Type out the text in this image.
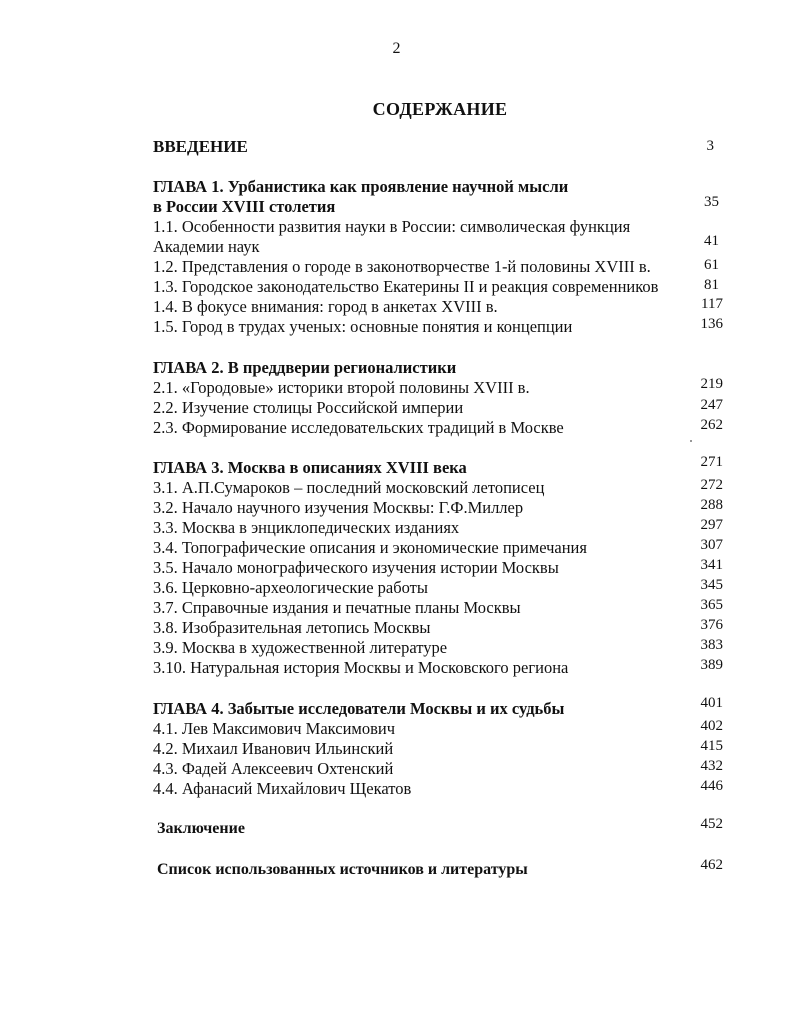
2
СОДЕРЖАНИЕ
ВВЕДЕНИЕ	3
ГЛАВА 1. Урбанистика как проявление научной мысли
в России XVIII столетия	35
1.1. Особенности развития науки в России: символическая функция
Академии наук	41
1.2. Представления о городе в законотворчестве 1-й половины XVIII в.	61
1.3. Городское законодательство Екатерины II и реакция современников	81
1.4. В фокусе внимания: город в анкетах XVIII в.	117
1.5. Город в трудах ученых: основные понятия и концепции	136
ГЛАВА 2. В преддверии регионалистики
2.1. «Городовые» историки второй половины XVIII в.	219
2.2. Изучение столицы Российской империи	247
2.3. Формирование исследовательских традиций в Москве	262
ГЛАВА 3. Москва в описаниях XVIII века	271
3.1. А.П.Сумароков – последний московский летописец	272
3.2. Начало научного изучения Москвы: Г.Ф.Миллер	288
3.3. Москва в энциклопедических изданиях	297
3.4. Топографические описания и экономические примечания	307
3.5. Начало монографического изучения истории Москвы	341
3.6. Церковно-археологические работы	345
3.7. Справочные издания и печатные планы Москвы	365
3.8. Изобразительная летопись Москвы	376
3.9. Москва в художественной литературе	383
3.10. Натуральная история Москвы и Московского региона	389
ГЛАВА 4. Забытые исследователи Москвы и их судьбы	401
4.1. Лев Максимович Максимович	402
4.2. Михаил Иванович Ильинский	415
4.3. Фадей Алексеевич Охтенский	432
4.4. Афанасий Михайлович Щекатов	446
Заключение	452
Список использованных источников и литературы	462
